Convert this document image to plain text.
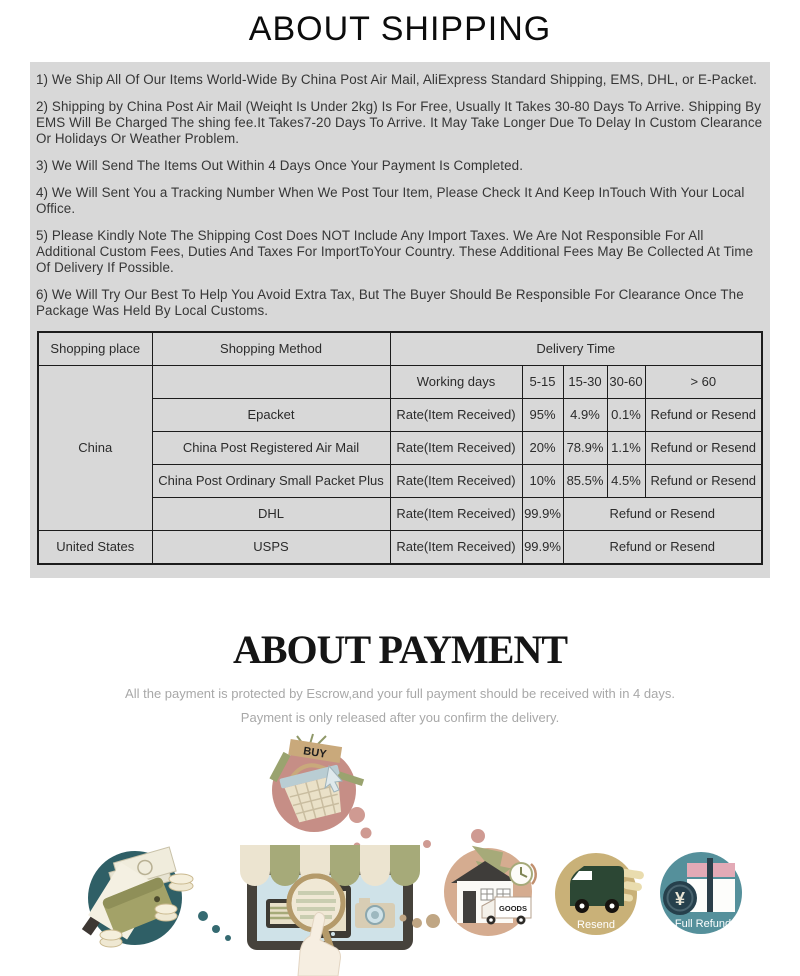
ABOUT SHIPPING

1) We Ship All Of Our Items World-Wide By China Post Air Mail, AliExpress Standard Shipping, EMS, DHL, or E-Packet.

2) Shipping by China Post Air Mail (Weiqht Is Under 2kg) Is For Free, Usually It Takes 30-80 Days To Arrive. Shipping By EMS Will Be Charged The shing fee.It Takes7-20 Days To Arrive. It May Take Longer Due To Delay In Custom Clearance Or Holidays Or Weather Problem.

3) We Will Send The Items Out Within 4 Days Once Your Payment Is Completed.

4) We Will Sent You a Tracking Number When We Post Tour Item, Please Check It And Keep InTouch With Your Local Office.

5) Please Kindly Note The Shipping Cost Does NOT Include Any Import Taxes. We Are Not Responsible For All Additional Custom Fees, Duties And Taxes For ImportToYour Country. These Additional Fees May Be Collected At Time Of Delivery If Possible.

6) We Will Try Our Best To Help You Avoid Extra Tax, But The Buyer Should Be Responsible For Clearance Once The Package Was Held By Local Customs.

Shopping place	Shopping Method	Delivery Time				
China		Working days	5-15	15-30	30-60	> 60
	Epacket	Rate(Item Received)	95%	4.9%	0.1%	Refund or Resend
	China Post Registered Air Mail	Rate(Item Received)	20%	78.9%	1.1%	Refund or Resend
	China Post Ordinary Small Packet Plus	Rate(Item Received)	10%	85.5%	4.5%	Refund or Resend
	DHL	Rate(Item Received)	99.9%	Refund or Resend		
United States	USPS	Rate(Item Received)	99.9%	Refund or Resend		
ABOUT PAYMENT
All the payment is protected by Escrow,and your full payment should be received with in 4 days.
Payment is only released after you confirm the delivery.
BUY
GOODS
Resend
¥
Full Refund
